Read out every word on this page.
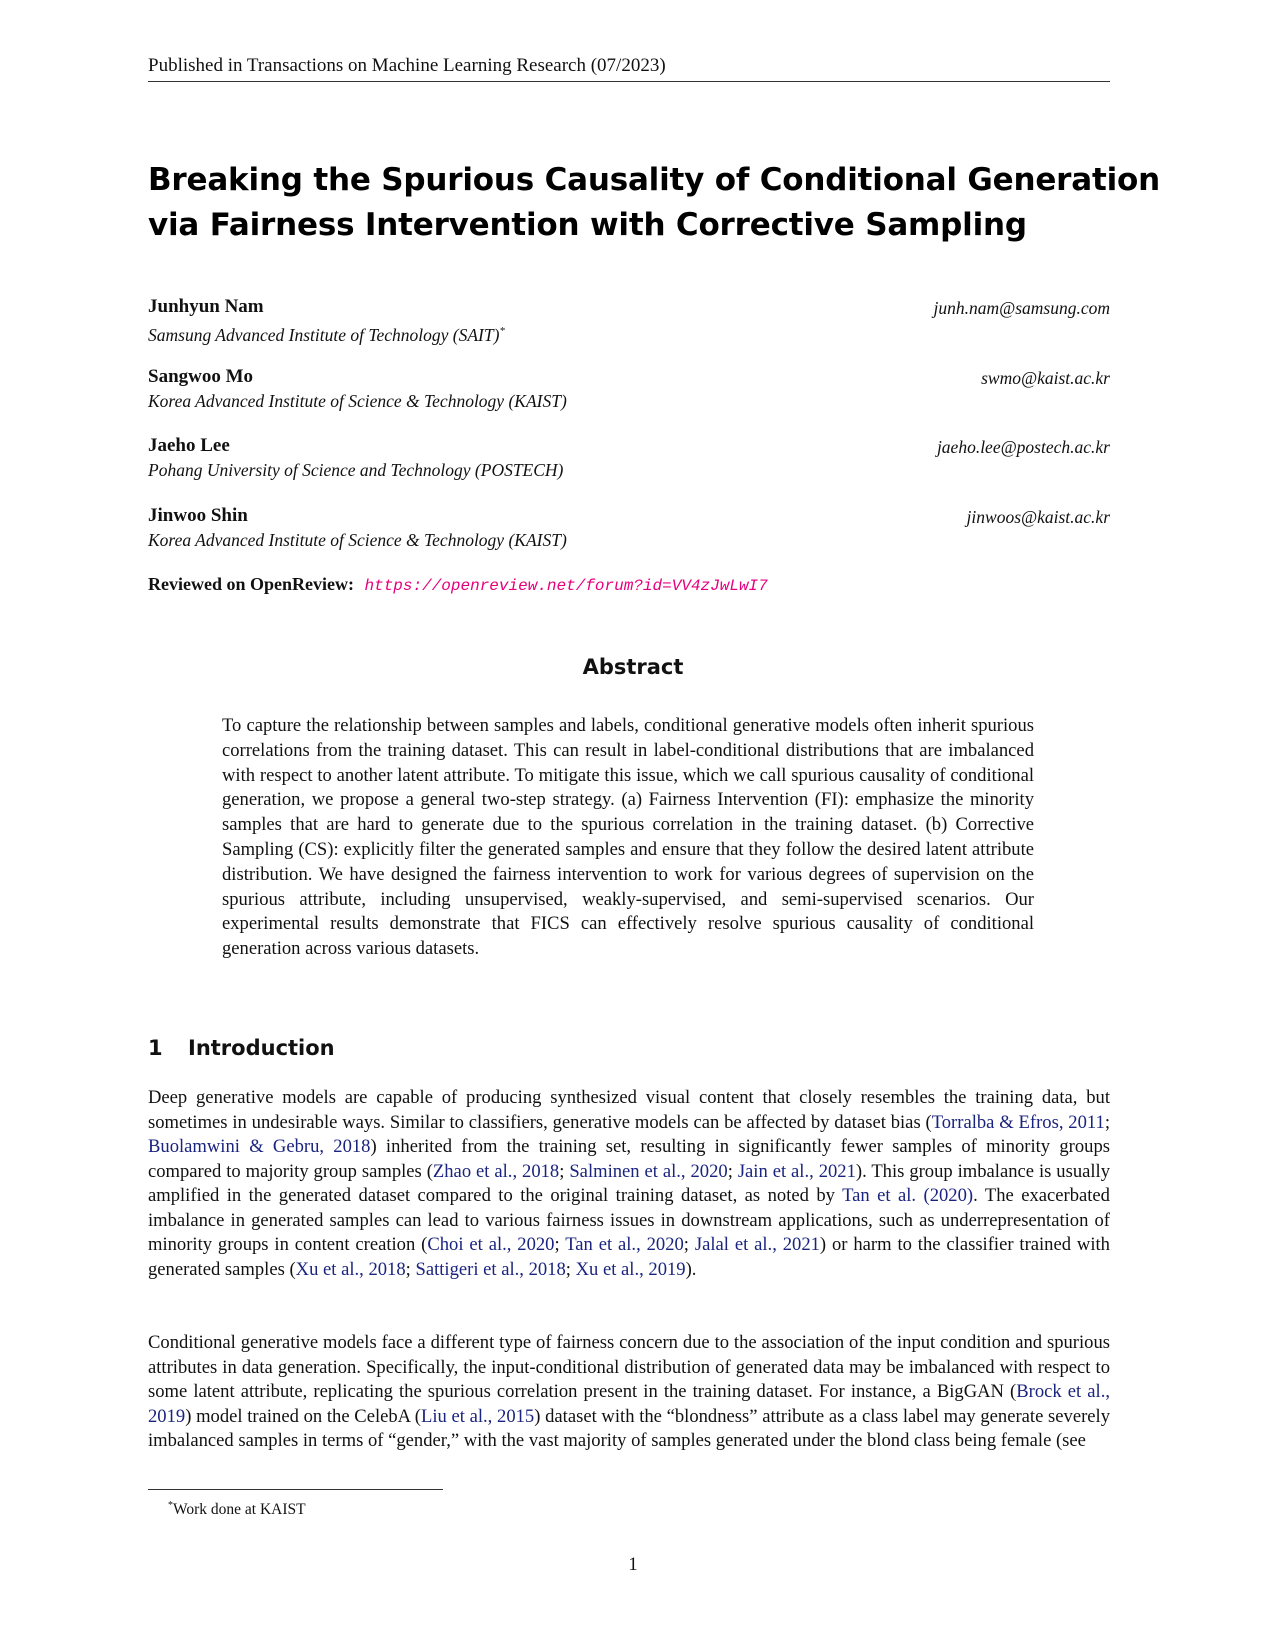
Published in Transactions on Machine Learning Research (07/2023)
Breaking the Spurious Causality of Conditional Generation
via Fairness Intervention with Corrective Sampling
Junhyun Nam
Samsung Advanced Institute of Technology (SAIT)*
junh.nam@samsung.com
Sangwoo Mo
Korea Advanced Institute of Science & Technology (KAIST)
swmo@kaist.ac.kr
Jaeho Lee
Pohang University of Science and Technology (POSTECH)
jaeho.lee@postech.ac.kr
Jinwoo Shin
Korea Advanced Institute of Science & Technology (KAIST)
jinwoos@kaist.ac.kr
Reviewed on OpenReview: https://openreview.net/forum?id=VV4zJwLwI7
Abstract
To capture the relationship between samples and labels, conditional generative models often inherit spurious correlations from the training dataset. This can result in label-conditional distributions that are imbalanced with respect to another latent attribute. To mitigate this issue, which we call spurious causality of conditional generation, we propose a general two-step strategy. (a) Fairness Intervention (FI): emphasize the minority samples that are hard to generate due to the spurious correlation in the training dataset. (b) Corrective Sampling (CS): explicitly filter the generated samples and ensure that they follow the desired latent attribute distribution. We have designed the fairness intervention to work for various degrees of supervision on the spurious attribute, including unsupervised, weakly-supervised, and semi-supervised scenarios. Our experimental results demonstrate that FICS can effectively resolve spurious causality of conditional generation across various datasets.
1 Introduction
Deep generative models are capable of producing synthesized visual content that closely resembles the training data, but sometimes in undesirable ways. Similar to classifiers, generative models can be affected by dataset bias (Torralba & Efros, 2011; Buolamwini & Gebru, 2018) inherited from the training set, resulting in significantly fewer samples of minority groups compared to majority group samples (Zhao et al., 2018; Salminen et al., 2020; Jain et al., 2021). This group imbalance is usually amplified in the generated dataset compared to the original training dataset, as noted by Tan et al. (2020). The exacerbated imbalance in generated samples can lead to various fairness issues in downstream applications, such as underrepresentation of minority groups in content creation (Choi et al., 2020; Tan et al., 2020; Jalal et al., 2021) or harm to the classifier trained with generated samples (Xu et al., 2018; Sattigeri et al., 2018; Xu et al., 2019).
Conditional generative models face a different type of fairness concern due to the association of the input condition and spurious attributes in data generation. Specifically, the input-conditional distribution of generated data may be imbalanced with respect to some latent attribute, replicating the spurious correlation present in the training dataset. For instance, a BigGAN (Brock et al., 2019) model trained on the CelebA (Liu et al., 2015) dataset with the “blondness” attribute as a class label may generate severely imbalanced samples in terms of “gender,” with the vast majority of samples generated under the blond class being female (see
*Work done at KAIST
1
